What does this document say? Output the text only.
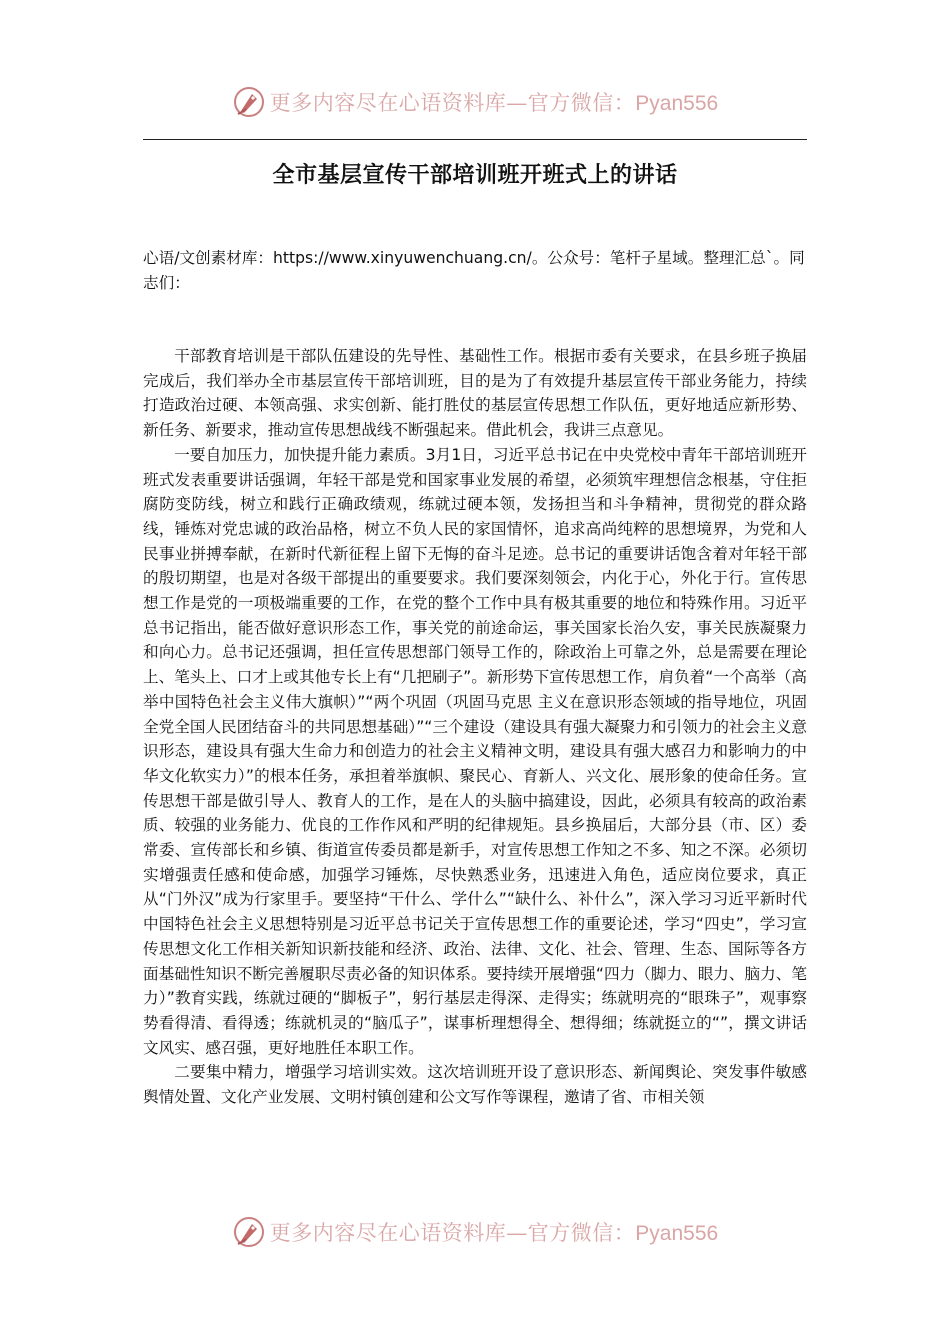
更多内容尽在心语资料库—官方微信：Pyan556
全市基层宣传干部培训班开班式上的讲话

心语/文创素材库：https://www.xinyuwenchuang.cn/。公众号：笔杆子星域。整理汇总`。同志们：

干部教育培训是干部队伍建设的先导性、基础性工作。根据市委有关要求，在县乡班子换届完成后，我们举办全市基层宣传干部培训班，目的是为了有效提升基层宣传干部业务能力，持续打造政治过硬、本领高强、求实创新、能打胜仗的基层宣传思想工作队伍，更好地适应新形势、新任务、新要求，推动宣传思想战线不断强起来。借此机会，我讲三点意见。

一要自加压力，加快提升能力素质。3月1日，习近平总书记在中央党校中青年干部培训班开班式发表重要讲话强调，年轻干部是党和国家事业发展的希望，必须筑牢理想信念根基，守住拒腐防变防线，树立和践行正确政绩观，练就过硬本领，发扬担当和斗争精神，贯彻党的群众路线，锤炼对党忠诚的政治品格，树立不负人民的家国情怀，追求高尚纯粹的思想境界，为党和人民事业拼搏奉献，在新时代新征程上留下无悔的奋斗足迹。总书记的重要讲话饱含着对年轻干部的殷切期望，也是对各级干部提出的重要要求。我们要深刻领会，内化于心，外化于行。宣传思想工作是党的一项极端重要的工作，在党的整个工作中具有极其重要的地位和特殊作用。习近平总书记指出，能否做好意识形态工作，事关党的前途命运，事关国家长治久安，事关民族凝聚力和向心力。总书记还强调，担任宣传思想部门领导工作的，除政治上可靠之外，总是需要在理论上、笔头上、口才上或其他专长上有“几把刷子”。新形势下宣传思想工作，肩负着“一个高举（高举中国特色社会主义伟大旗帜）”“两个巩固（巩固马克思 主义在意识形态领域的指导地位，巩固全党全国人民团结奋斗的共同思想基础）”“三个建设（建设具有强大凝聚力和引领力的社会主义意识形态，建设具有强大生命力和创造力的社会主义精神文明，建设具有强大感召力和影响力的中华文化软实力）”的根本任务，承担着举旗帜、聚民心、育新人、兴文化、展形象的使命任务。宣传思想干部是做引导人、教育人的工作，是在人的头脑中搞建设，因此，必须具有较高的政治素质、较强的业务能力、优良的工作作风和严明的纪律规矩。县乡换届后，大部分县（市、区）委常委、宣传部长和乡镇、街道宣传委员都是新手，对宣传思想工作知之不多、知之不深。必须切实增强责任感和使命感，加强学习锤炼，尽快熟悉业务，迅速进入角色，适应岗位要求，真正从“门外汉”成为行家里手。要坚持“干什么、学什么”“缺什么、补什么”，深入学习习近平新时代中国特色社会主义思想特别是习近平总书记关于宣传思想工作的重要论述，学习“四史”，学习宣传思想文化工作相关新知识新技能和经济、政治、法律、文化、社会、管理、生态、国际等各方面基础性知识不断完善履职尽责必备的知识体系。要持续开展增强“四力（脚力、眼力、脑力、笔力）”教育实践，练就过硬的“脚板子”，躬行基层走得深、走得实；练就明亮的“眼珠子”，观事察势看得清、看得透；练就机灵的“脑瓜子”，谋事析理想得全、想得细；练就挺立的“”，撰文讲话文风实、感召强，更好地胜任本职工作。

二要集中精力，增强学习培训实效。这次培训班开设了意识形态、新闻舆论、突发事件敏感舆情处置、文化产业发展、文明村镇创建和公文写作等课程，邀请了省、市相关领

更多内容尽在心语资料库—官方微信：Pyan556
